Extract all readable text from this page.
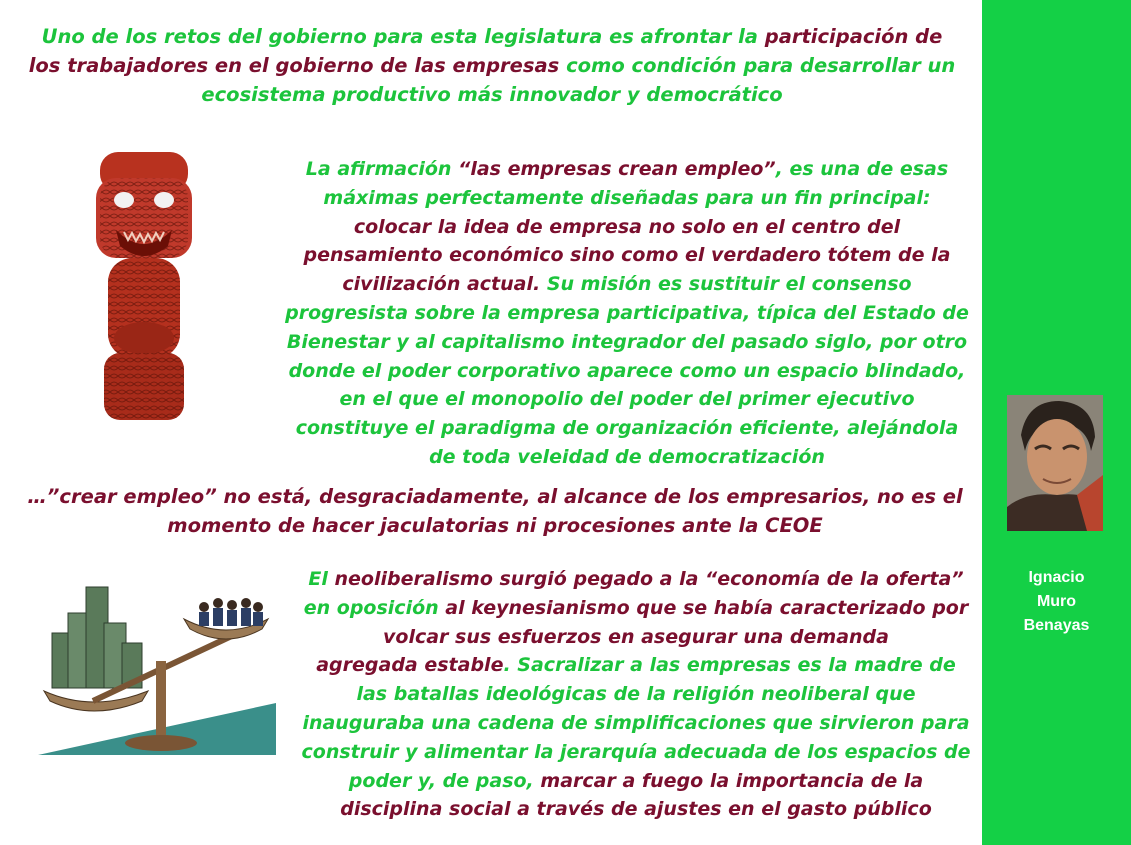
Uno de los retos del gobierno para esta legislatura es afrontar la participación de los trabajadores en el gobierno de las empresas como condición para desarrollar un ecosistema productivo más innovador y democrático
La afirmación “las empresas crean empleo”, es una de esas máximas perfectamente diseñadas para un fin principal: colocar la idea de empresa no solo en el centro del pensamiento económico sino como el verdadero tótem de la civilización actual. Su misión es sustituir el consenso progresista sobre la empresa participativa, típica del Estado de Bienestar y al capitalismo integrador del pasado siglo, por otro donde el poder corporativo aparece como un espacio blindado, en el que el monopolio del poder del primer ejecutivo constituye el paradigma de organización eficiente, alejándola de toda veleidad de democratización
…”crear empleo” no está, desgraciadamente, al alcance de los empresarios, no es el momento de hacer jaculatorias ni procesiones ante la CEOE
El neoliberalismo surgió pegado a la “economía de la oferta” en oposición al keynesianismo que se había caracterizado por volcar sus esfuerzos en asegurar una demanda
agregada estable. Sacralizar a las empresas es la madre de las batallas ideológicas de la religión neoliberal que inauguraba una cadena de simplificaciones que sirvieron para construir y alimentar la jerarquía adecuada de los espacios de poder y, de paso, marcar a fuego la importancia de la disciplina social a través de ajustes en el gasto público
Ignacio
Muro
Benayas
